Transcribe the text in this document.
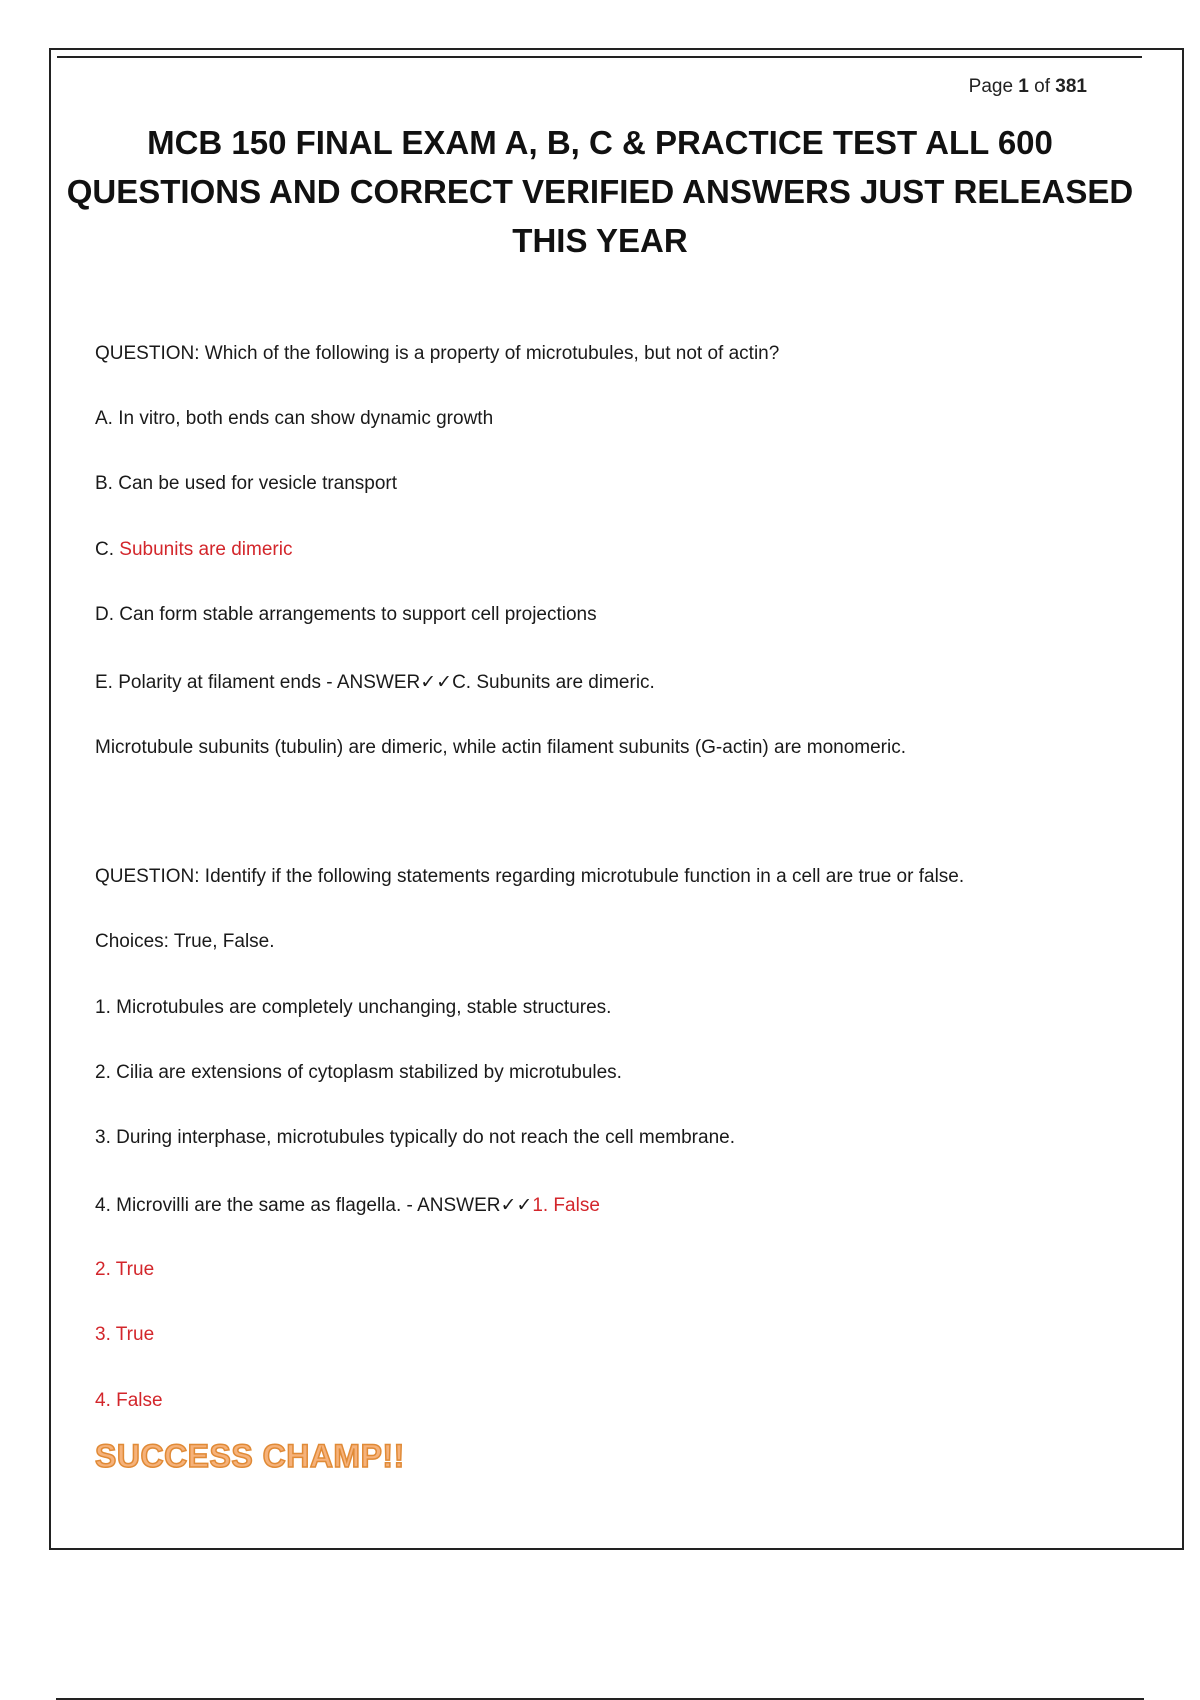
Page 1 of 381
MCB 150 FINAL EXAM A, B, C & PRACTICE TEST ALL 600 QUESTIONS AND CORRECT VERIFIED ANSWERS JUST RELEASED THIS YEAR
QUESTION: Which of the following is a property of microtubules, but not of actin?
A. In vitro, both ends can show dynamic growth
B. Can be used for vesicle transport
C. Subunits are dimeric
D. Can form stable arrangements to support cell projections
E. Polarity at filament ends - ANSWER✓✓C. Subunits are dimeric.
Microtubule subunits (tubulin) are dimeric, while actin filament subunits (G-actin) are monomeric.
QUESTION: Identify if the following statements regarding microtubule function in a cell are true or false.
Choices: True, False.
1. Microtubules are completely unchanging, stable structures.
2. Cilia are extensions of cytoplasm stabilized by microtubules.
3. During interphase, microtubules typically do not reach the cell membrane.
4. Microvilli are the same as flagella. - ANSWER✓✓1. False
2. True
3. True
4. False
SUCCESS CHAMP!!
